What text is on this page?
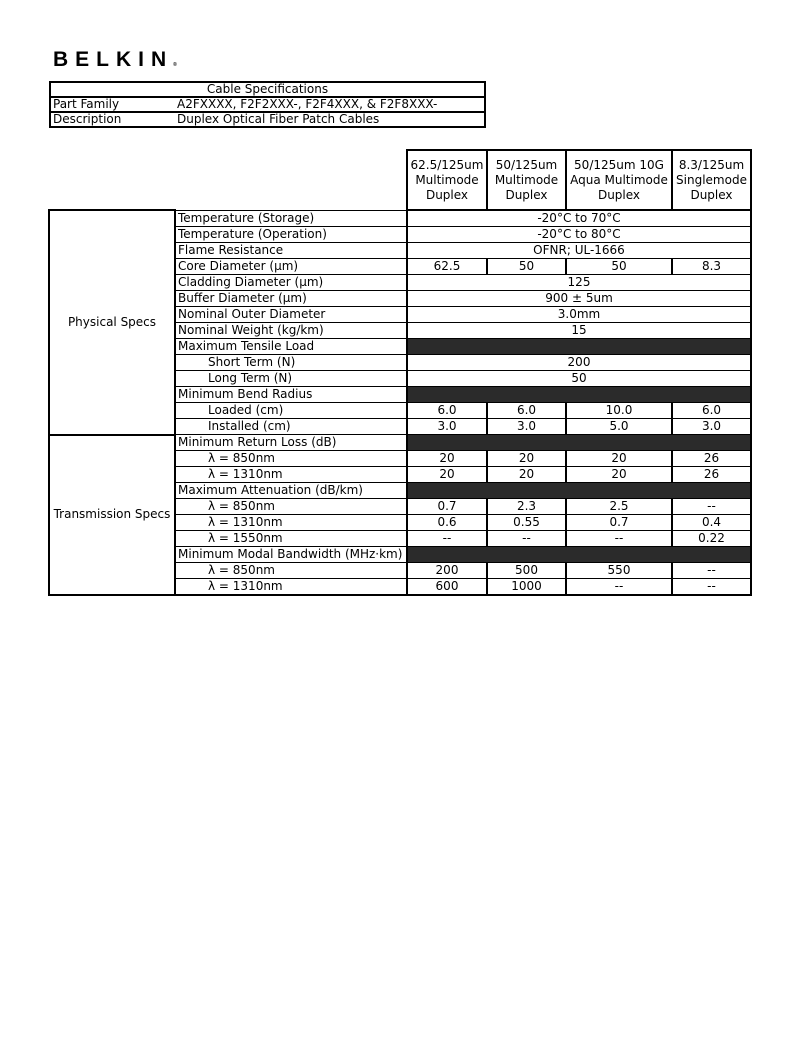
BELKIN®
Cable Specifications	
Part Family	A2FXXXX, F2F2XXX-, F2F4XXX, & F2F8XXX-
Description	Duplex Optical Fiber Patch Cables
		62.5/125um Multimode Duplex	50/125um Multimode Duplex	50/125um 10G Aqua Multimode Duplex	8.3/125um Singlemode Duplex
Physical Specs	Temperature (Storage)	-20°C to 70°C			
	Temperature (Operation)	-20°C to 80°C			
	Flame Resistance	OFNR; UL-1666			
	Core Diameter (µm)	62.5	50	50	8.3
	Cladding Diameter (µm)	125			
	Buffer Diameter (µm)	900 ± 5um			
	Nominal Outer Diameter	3.0mm			
	Nominal Weight (kg/km)	15			
	Maximum Tensile Load				
	Short Term (N)	200			
	Long Term (N)	50			
	Minimum Bend Radius				
	Loaded (cm)	6.0	6.0	10.0	6.0
	Installed (cm)	3.0	3.0	5.0	3.0
Transmission Specs	Minimum Return Loss (dB)				
	λ = 850nm	20	20	20	26
	λ = 1310nm	20	20	20	26
	Maximum Attenuation (dB/km)				
	λ = 850nm	0.7	2.3	2.5	--
	λ = 1310nm	0.6	0.55	0.7	0.4
	λ = 1550nm	--	--	--	0.22
	Minimum Modal Bandwidth (MHz·km)				
	λ = 850nm	200	500	550	--
	λ = 1310nm	600	1000	--	--
